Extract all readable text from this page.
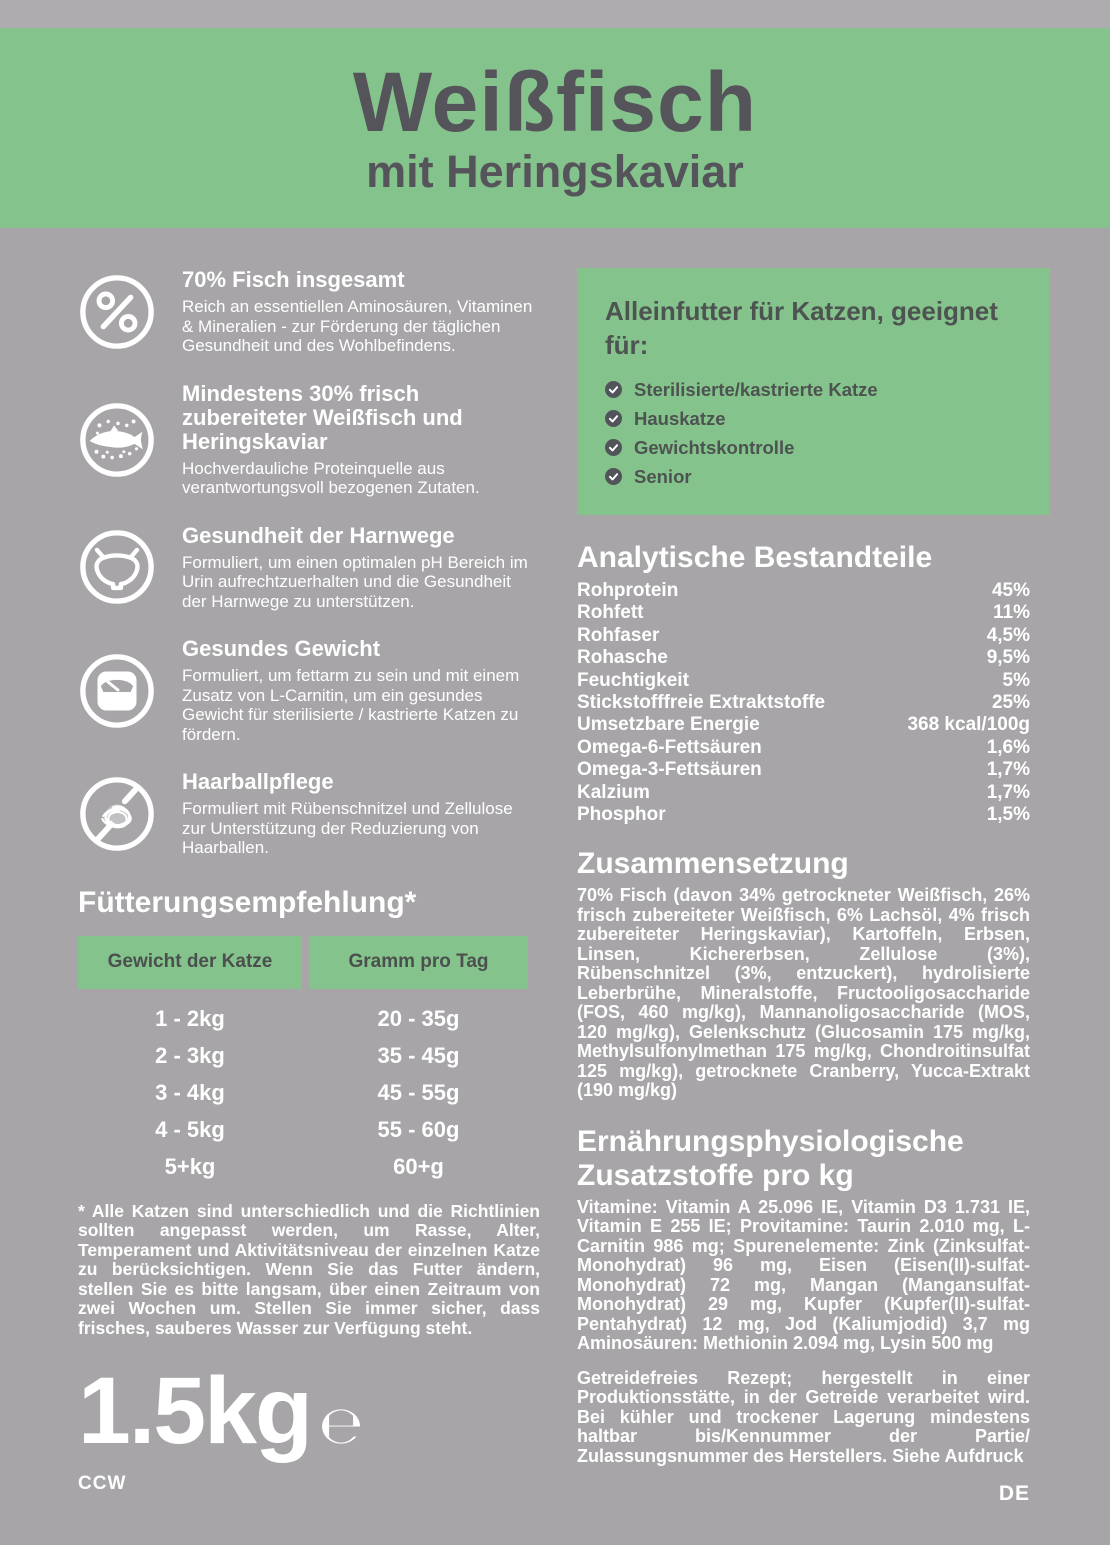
Weißfisch
mit Heringskaviar
70% Fisch insgesamt
Reich an essentiellen Aminosäuren, Vitaminen & Mineralien - zur Förderung der täglichen Gesundheit und des Wohlbefindens.
Mindestens 30% frisch zubereiteter Weißfisch und Heringskaviar
Hochverdauliche Proteinquelle aus verantwortungsvoll bezogenen Zutaten.
Gesundheit der Harnwege
Formuliert, um einen optimalen pH Bereich im Urin aufrechtzuerhalten und die Gesundheit der Harnwege zu unterstützen.
Gesundes Gewicht
Formuliert, um fettarm zu sein und mit einem Zusatz von L-Carnitin, um ein gesundes Gewicht für sterilisierte / kastrierte Katzen zu fördern.
Haarballpflege
Formuliert mit Rübenschnitzel und Zellulose zur Unterstützung der Reduzierung von Haarballen.
Fütterungsempfehlung*
Gewicht der Katze	Gramm pro Tag
1 - 2kg	20 - 35g
2 - 3kg	35 - 45g
3 - 4kg	45 - 55g
4 - 5kg	55 - 60g
5+kg	60+g
* Alle Katzen sind unterschiedlich und die Richtlinien sollten angepasst werden, um Rasse, Alter, Temperament und Aktivitätsniveau der einzelnen Katze zu berücksichtigen. Wenn Sie das Futter ändern, stellen Sie es bitte langsam, über einen Zeitraum von zwei Wochen um. Stellen Sie immer sicher, dass frisches, sauberes Wasser zur Verfügung steht.
1.5kg ℮
CCW
Alleinfutter für Katzen, geeignet für:
Sterilisierte/kastrierte Katze
Hauskatze
Gewichtskontrolle
Senior
Analytische Bestandteile
Rohprotein	45%
Rohfett	11%
Rohfaser	4,5%
Rohasche	9,5%
Feuchtigkeit	5%
Stickstofffreie Extraktstoffe	25%
Umsetzbare Energie	368 kcal/100g
Omega-6-Fettsäuren	1,6%
Omega-3-Fettsäuren	1,7%
Kalzium	1,7%
Phosphor	1,5%
Zusammensetzung
70% Fisch (davon 34% getrockneter Weißfisch, 26% frisch zubereiteter Weißfisch, 6% Lachsöl, 4% frisch zubereiteter Heringskaviar), Kartoffeln, Erbsen, Linsen, Kichererbsen, Zellulose (3%), Rübenschnitzel (3%, entzuckert), hydrolisierte Leberbrühe, Mineralstoffe, Fructooligosaccharide (FOS, 460 mg/kg), Mannanoligosaccharide (MOS, 120 mg/kg), Gelenkschutz (Glucosamin 175 mg/kg, Methylsulfonylmethan 175 mg/kg, Chondroitinsulfat 125 mg/kg), getrocknete Cranberry, Yucca-Extrakt (190 mg/kg)
Ernährungsphysiologische Zusatzstoffe pro kg
Vitamine: Vitamin A 25.096 IE, Vitamin D3 1.731 IE, Vitamin E 255 IE; Provitamine: Taurin 2.010 mg, L-Carnitin 986 mg; Spurenelemente: Zink (Zinksulfat-Monohydrat) 96 mg, Eisen (Eisen(II)-sulfat-Monohydrat) 72 mg, Mangan (Mangansulfat-Monohydrat) 29 mg, Kupfer (Kupfer(II)-sulfat-Pentahydrat) 12 mg, Jod (Kaliumjodid) 3,7 mg Aminosäuren: Methionin 2.094 mg, Lysin 500 mg
Getreidefreies Rezept; hergestellt in einer Produktionsstätte, in der Getreide verarbeitet wird. Bei kühler und trockener Lagerung mindestens haltbar bis/Kennummer der Partie/ Zulassungsnummer des Herstellers. Siehe Aufdruck
DE
